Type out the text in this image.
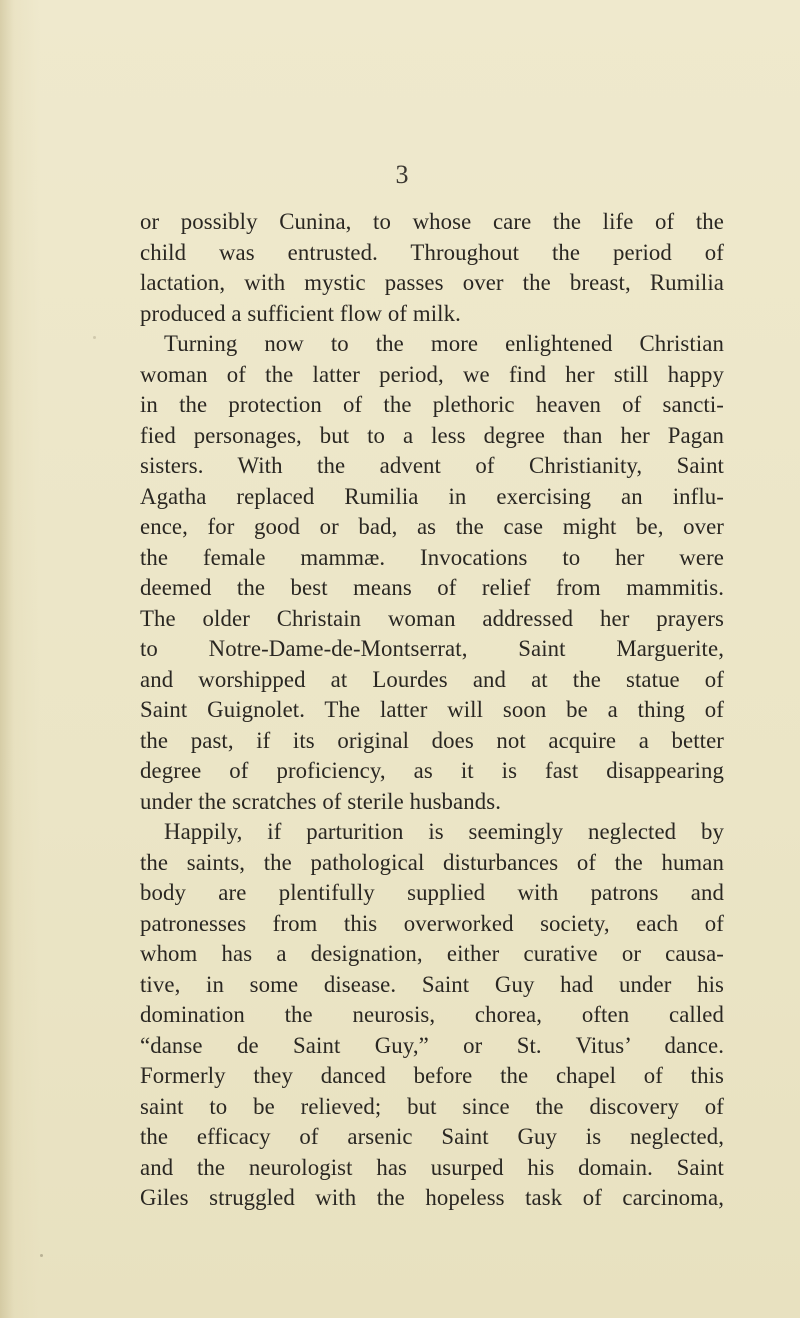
3
or possibly Cunina, to whose care the life of the
child was entrusted. Throughout the period of
lactation, with mystic passes over the breast, Rumilia
produced a sufficient flow of milk.
Turning now to the more enlightened Christian
woman of the latter period, we find her still happy
in the protection of the plethoric heaven of sancti-
fied personages, but to a less degree than her Pagan
sisters. With the advent of Christianity, Saint
Agatha replaced Rumilia in exercising an influ-
ence, for good or bad, as the case might be, over
the female mammæ. Invocations to her were
deemed the best means of relief from mammitis.
The older Christain woman addressed her prayers
to Notre-Dame-de-Montserrat, Saint Marguerite,
and worshipped at Lourdes and at the statue of
Saint Guignolet. The latter will soon be a thing of
the past, if its original does not acquire a better
degree of proficiency, as it is fast disappearing
under the scratches of sterile husbands.
Happily, if parturition is seemingly neglected by
the saints, the pathological disturbances of the human
body are plentifully supplied with patrons and
patronesses from this overworked society, each of
whom has a designation, either curative or causa-
tive, in some disease. Saint Guy had under his
domination the neurosis, chorea, often called
“danse de Saint Guy,” or St. Vitus’ dance.
Formerly they danced before the chapel of this
saint to be relieved; but since the discovery of
the efficacy of arsenic Saint Guy is neglected,
and the neurologist has usurped his domain. Saint
Giles struggled with the hopeless task of carcinoma,
